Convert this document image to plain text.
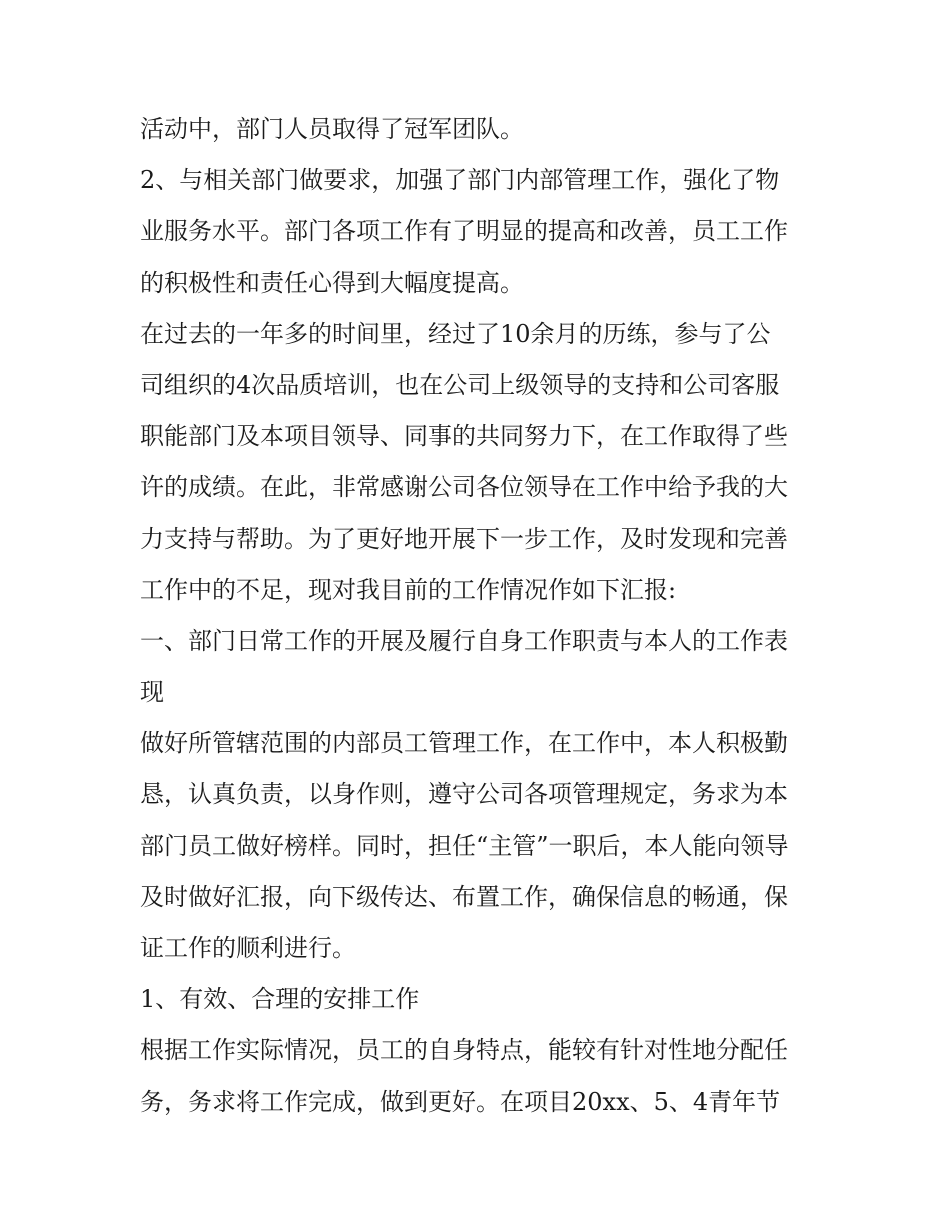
活动中，部门人员取得了冠军团队。
2、与相关部门做要求，加强了部门内部管理工作，强化了物
业服务水平。部门各项工作有了明显的提高和改善，员工工作
的积极性和责任心得到大幅度提高。
在过去的一年多的时间里，经过了10余月的历练，参与了公
司组织的4次品质培训，也在公司上级领导的支持和公司客服
职能部门及本项目领导、同事的共同努力下，在工作取得了些
许的成绩。在此，非常感谢公司各位领导在工作中给予我的大
力支持与帮助。为了更好地开展下一步工作，及时发现和完善
工作中的不足，现对我目前的工作情况作如下汇报:
一、部门日常工作的开展及履行自身工作职责与本人的工作表
现
做好所管辖范围的内部员工管理工作，在工作中，本人积极勤
恳，认真负责，以身作则，遵守公司各项管理规定，务求为本
部门员工做好榜样。同时，担任“主管”一职后，本人能向领导
及时做好汇报，向下级传达、布置工作，确保信息的畅通，保
证工作的顺利进行。
1、有效、合理的安排工作
根据工作实际情况，员工的自身特点，能较有针对性地分配任
务，务求将工作完成，做到更好。在项目20xx、5、4青年节
